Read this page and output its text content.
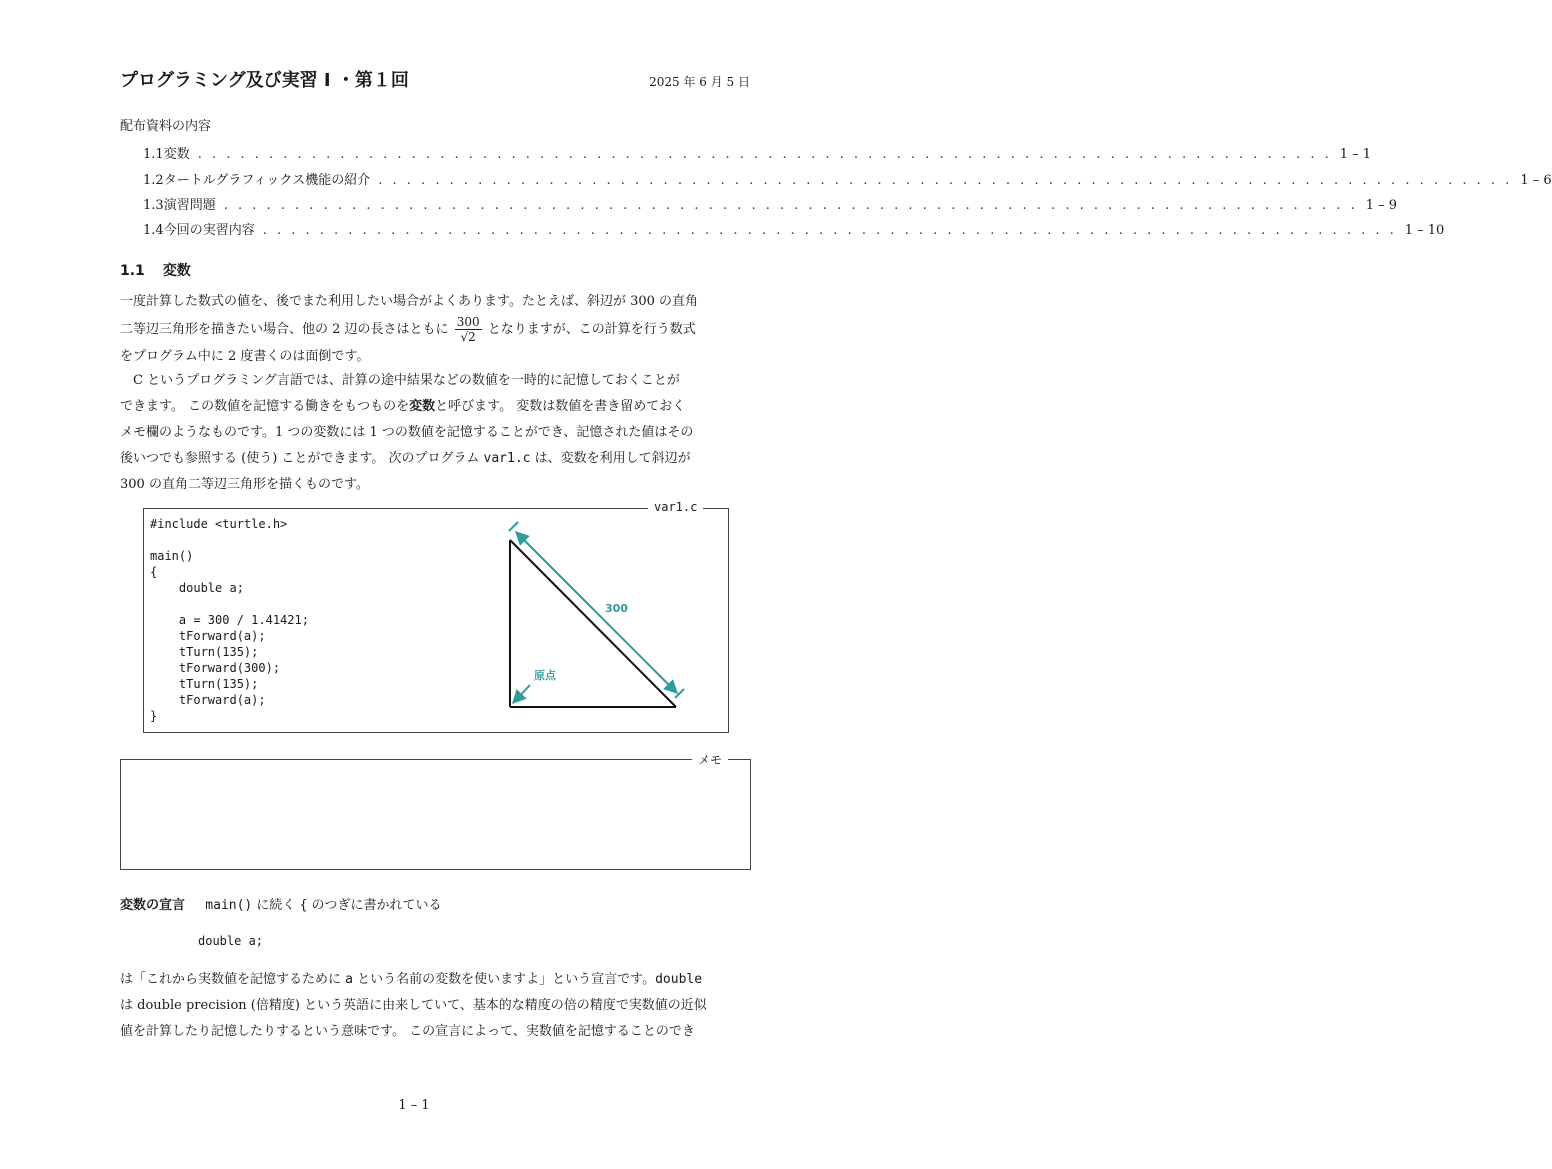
プログラミング及び実習 I ・第１回	2025 年 6 月 5 日
配布資料の内容
1.1 変数 . . . . . . . . . . . . . . . . . . . . . . . . . . . . . . . . . . . . . . . . . . . . . . . . . . . . . . . . . . . . . . . . . . . . . . . . . . . . . . . . 1 – 1
1.2 タートルグラフィックス機能の紹介 . . . . . . . . . . . . . . . . . . . . . . . . . . . . . . . . . . . . . . . . . . . . . . . . . . . . . . . . . . . . . . . . . . . . . . . . . . . . . . . . 1 – 6
1.3 演習問題 . . . . . . . . . . . . . . . . . . . . . . . . . . . . . . . . . . . . . . . . . . . . . . . . . . . . . . . . . . . . . . . . . . . . . . . . . . . . . . . . 1 – 9
1.4 今回の実習内容 . . . . . . . . . . . . . . . . . . . . . . . . . . . . . . . . . . . . . . . . . . . . . . . . . . . . . . . . . . . . . . . . . . . . . . . . . . . . . . . . 1 – 10
1.1 変数
一度計算した数式の値を、後でまた利用したい場合がよくあります。たとえば、斜辺が 300 の直角
二等辺三角形を描きたい場合、他の 2 辺の長さはともに $\frac{300}{√2}$ となりますが、この計算を行う数式
をプログラム中に 2 度書くのは面倒です。
　C というプログラミング言語では、計算の途中結果などの数値を一時的に記憶しておくことが
できます。 この数値を記憶する働きをもつものを変数と呼びます。 変数は数値を書き留めておく
メモ欄のようなものです。1 つの変数には 1 つの数値を記憶することができ、記憶された値はその
後いつでも参照する (使う) ことができます。 次のプログラム var1.c は、変数を利用して斜辺が
300 の直角二等辺三角形を描くものです。
var1.c
#include <turtle.h>

main()
{
double a;

a = 300 / 1.41421;
tForward(a);
tTurn(135);
tForward(300);
tTurn(135);
tForward(a);
}
300
原点
メモ
変数の宣言 main() に続く { のつぎに書かれている
double a;
は「これから実数値を記憶するために a という名前の変数を使いますよ」という宣言です。double
は double precision (倍精度) という英語に由来していて、基本的な精度の倍の精度で実数値の近似
値を計算したり記憶したりするという意味です。 この宣言によって、実数値を記憶することのでき
1 – 1
